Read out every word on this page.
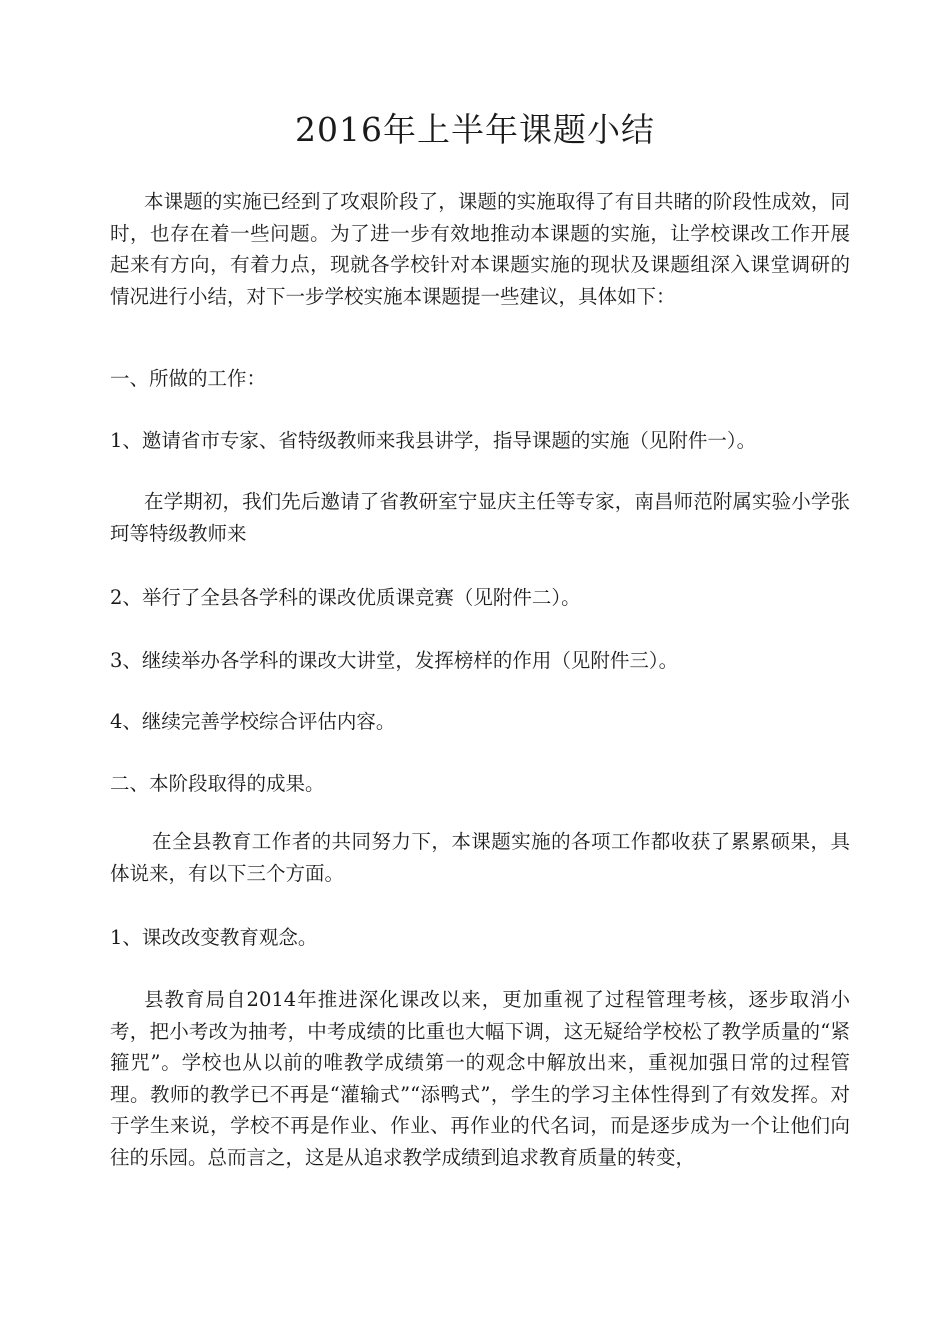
2016年上半年课题小结

本课题的实施已经到了攻艰阶段了，课题的实施取得了有目共睹的阶段性成效，同时，也存在着一些问题。为了进一步有效地推动本课题的实施，让学校课改工作开展起来有方向，有着力点，现就各学校针对本课题实施的现状及课题组深入课堂调研的情况进行小结，对下一步学校实施本课题提一些建议，具体如下：

一、所做的工作：

1、邀请省市专家、省特级教师来我县讲学，指导课题的实施（见附件一）。

在学期初，我们先后邀请了省教研室宁显庆主任等专家，南昌师范附属实验小学张珂等特级教师来

2、举行了全县各学科的课改优质课竞赛（见附件二）。

3、继续举办各学科的课改大讲堂，发挥榜样的作用（见附件三）。

4、继续完善学校综合评估内容。

二、本阶段取得的成果。

在全县教育工作者的共同努力下，本课题实施的各项工作都收获了累累硕果，具体说来，有以下三个方面。

1、课改改变教育观念。

县教育局自2014年推进深化课改以来，更加重视了过程管理考核，逐步取消小考，把小考改为抽考，中考成绩的比重也大幅下调，这无疑给学校松了教学质量的“紧箍咒”。学校也从以前的唯教学成绩第一的观念中解放出来，重视加强日常的过程管理。教师的教学已不再是“灌输式”“添鸭式”，学生的学习主体性得到了有效发挥。对于学生来说，学校不再是作业、作业、再作业的代名词，而是逐步成为一个让他们向往的乐园。总而言之，这是从追求教学成绩到追求教育质量的转变，
